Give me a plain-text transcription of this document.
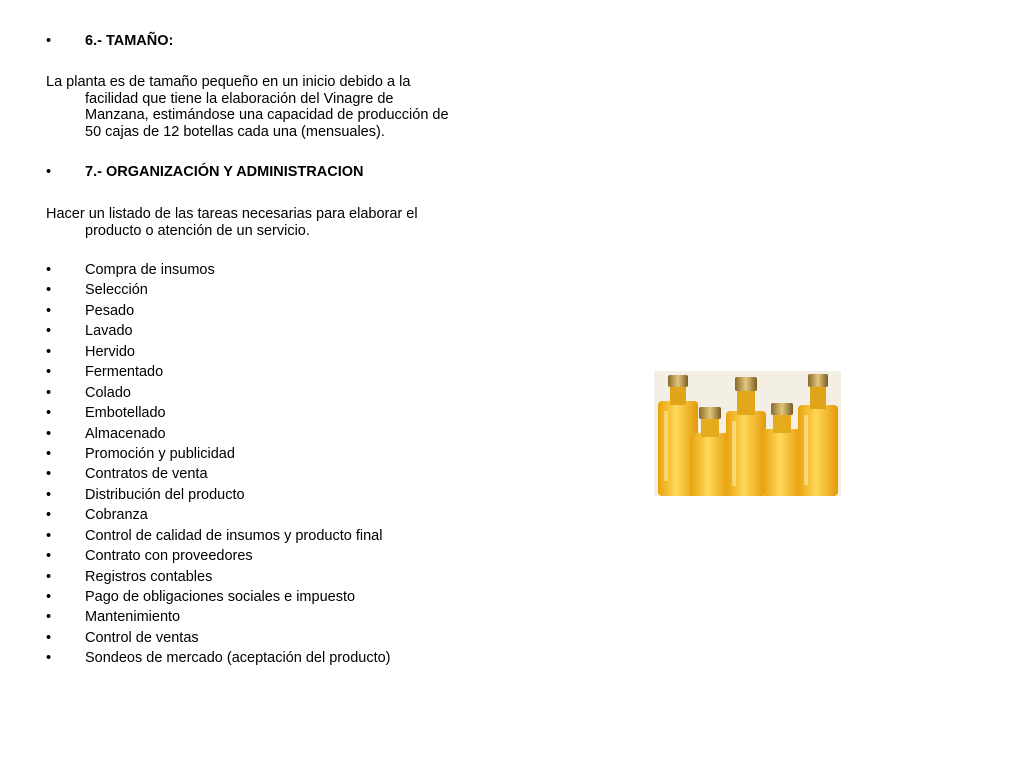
• 6.- TAMAÑO:
La planta es de tamaño pequeño en un inicio debido a la
facilidad que tiene la elaboración del Vinagre de
Manzana, estimándose una capacidad de producción de
50 cajas de 12 botellas cada una (mensuales).
• 7.- ORGANIZACIÓN Y ADMINISTRACION
Hacer un listado de las tareas necesarias para elaborar el
producto o atención de un servicio.
• Compra de insumos
• Selección
• Pesado
• Lavado
• Hervido
• Fermentado
• Colado
• Embotellado
• Almacenado
• Promoción y publicidad
• Contratos de venta
• Distribución del producto
• Cobranza
• Control de calidad de insumos y producto final
• Contrato con proveedores
• Registros contables
• Pago de obligaciones sociales e impuesto
• Mantenimiento
• Control de ventas
• Sondeos de mercado (aceptación del producto)
